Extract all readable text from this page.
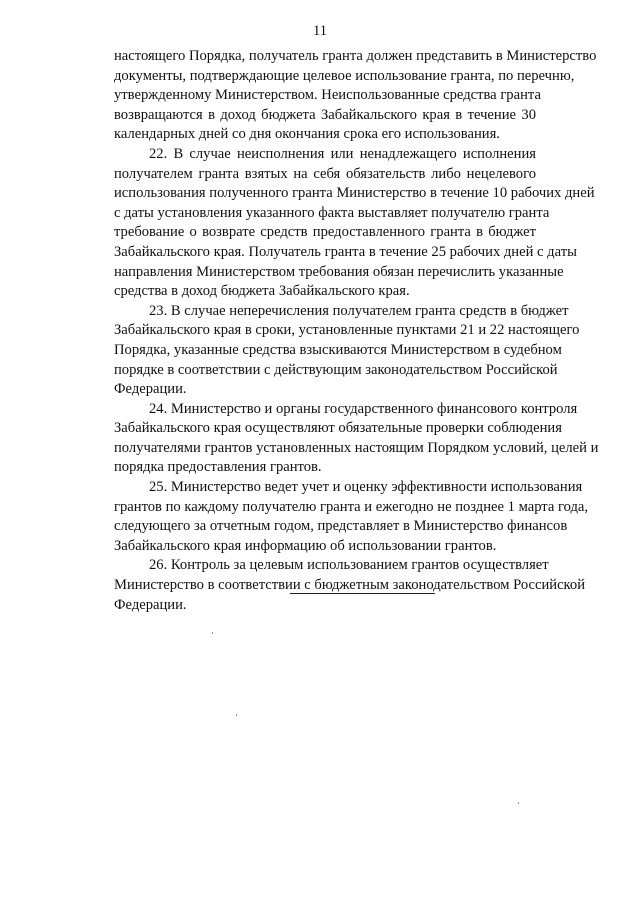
11

настоящего Порядка, получатель гранта должен представить в Министерство
документы, подтверждающие целевое использование гранта, по перечню,
утвержденному Министерством. Неиспользованные средства гранта
возвращаются в доход бюджета Забайкальского края в течение 30
календарных дней со дня окончания срока его использования.

22. В случае неисполнения или ненадлежащего исполнения
получателем гранта взятых на себя обязательств либо нецелевого
использования полученного гранта Министерство в течение 10 рабочих дней
с даты установления указанного факта выставляет получателю гранта
требование о возврате средств предоставленного гранта в бюджет
Забайкальского края. Получатель гранта в течение 25 рабочих дней с даты
направления Министерством требования обязан перечислить указанные
средства в доход бюджета Забайкальского края.

23. В случае неперечисления получателем гранта средств в бюджет
Забайкальского края в сроки, установленные пунктами 21 и 22 настоящего
Порядка, указанные средства взыскиваются Министерством в судебном
порядке в соответствии с действующим законодательством Российской
Федерации.

24. Министерство и органы государственного финансового контроля
Забайкальского края осуществляют обязательные проверки соблюдения
получателями грантов установленных настоящим Порядком условий, целей и
порядка предоставления грантов.

25. Министерство ведет учет и оценку эффективности использования
грантов по каждому получателю гранта и ежегодно не позднее 1 марта года,
следующего за отчетным годом, представляет в Министерство финансов
Забайкальского края информацию об использовании грантов.

26. Контроль за целевым использованием грантов осуществляет
Министерство в соответствии с бюджетным законодательством Российской
Федерации.
